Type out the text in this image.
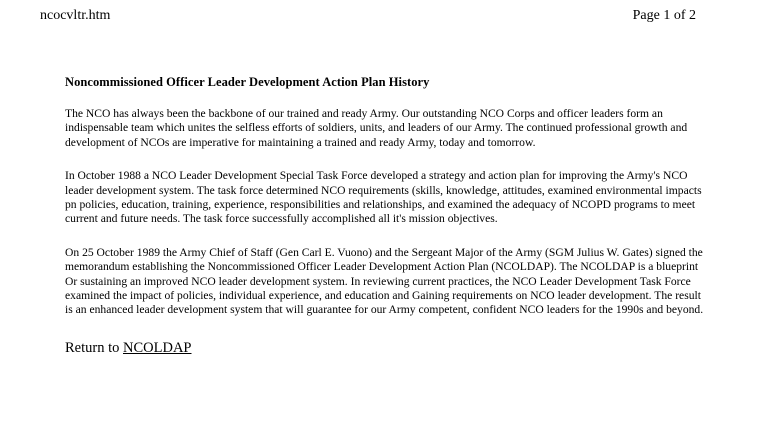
ncocvltr.htm	Page 1 of 2
Noncommissioned Officer Leader Development Action Plan History

The NCO has always been the backbone of our trained and ready Army. Our outstanding NCO Corps and officer leaders form an indispensable team which unites the selfless efforts of soldiers, units, and leaders of our Army. The continued professional growth and development of NCOs are imperative for maintaining a trained and ready Army, today and tomorrow.

In October 1988 a NCO Leader Development Special Task Force developed a strategy and action plan for improving the Army's NCO leader development system. The task force determined NCO requirements (skills, knowledge, attitudes, examined environmental impacts pn policies, education, training, experience, responsibilities and relationships, and examined the adequacy of NCOPD programs to meet current and future needs. The task force successfully accomplished all it's mission objectives.

On 25 October 1989 the Army Chief of Staff (Gen Carl E. Vuono) and the Sergeant Major of the Army (SGM Julius W. Gates) signed the memorandum establishing the Noncommissioned Officer Leader Development Action Plan (NCOLDAP). The NCOLDAP is a blueprint Or sustaining an improved NCO leader development system. In reviewing current practices, the NCO Leader Development Task Force examined the impact of policies, individual experience, and education and Gaining requirements on NCO leader development. The result is an enhanced leader development system that will guarantee for our Army competent, confident NCO leaders for the 1990s and beyond.

Return to NCOLDAP
